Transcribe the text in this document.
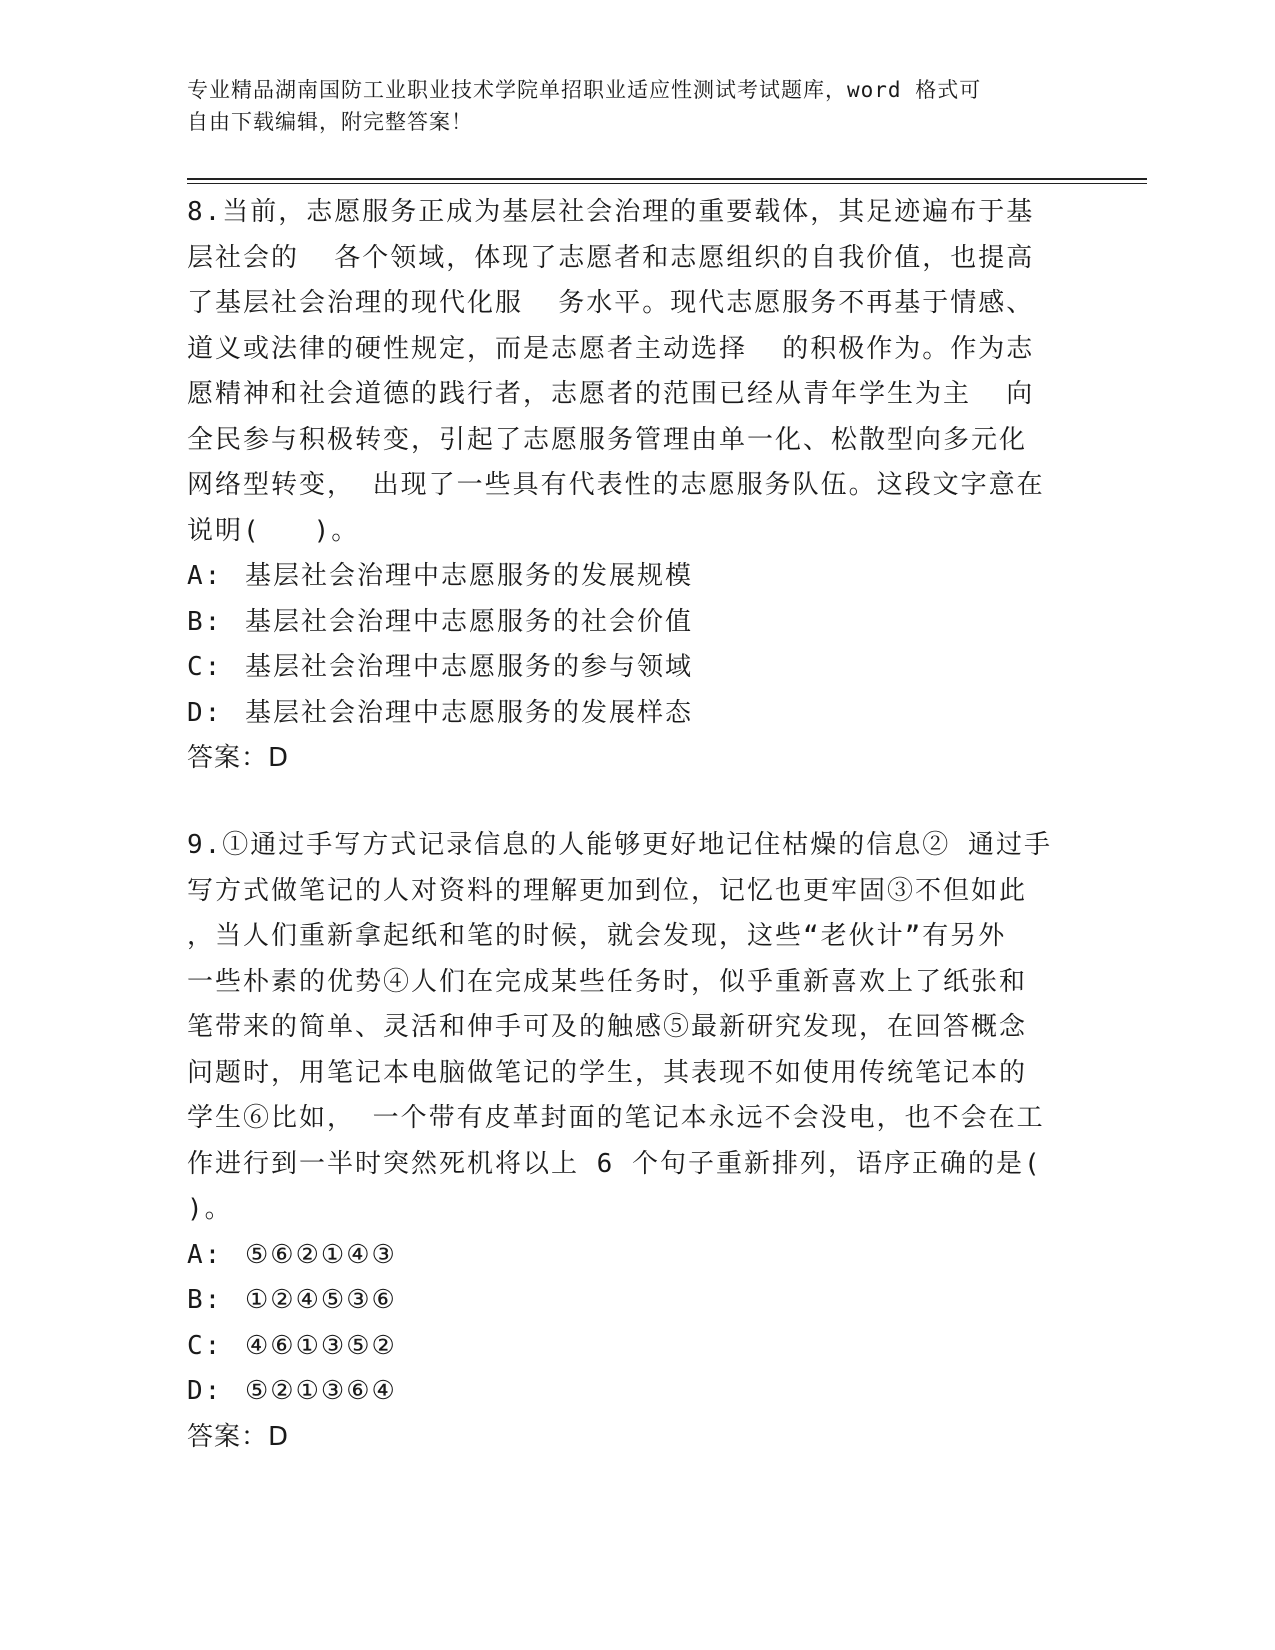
专业精品湖南国防工业职业技术学院单招职业适应性测试考试题库，word 格式可
自由下载编辑，附完整答案！
8.当前，志愿服务正成为基层社会治理的重要载体，其足迹遍布于基
层社会的  各个领域，体现了志愿者和志愿组织的自我价值，也提高
了基层社会治理的现代化服  务水平。现代志愿服务不再基于情感、
道义或法律的硬性规定，而是志愿者主动选择  的积极作为。作为志
愿精神和社会道德的践行者，志愿者的范围已经从青年学生为主  向
全民参与积极转变，引起了志愿服务管理由单一化、松散型向多元化
网络型转变， 出现了一些具有代表性的志愿服务队伍。这段文字意在
说明(   )。
A: 基层社会治理中志愿服务的发展规模
B: 基层社会治理中志愿服务的社会价值
C: 基层社会治理中志愿服务的参与领域
D: 基层社会治理中志愿服务的发展样态
答案：D
9.①通过手写方式记录信息的人能够更好地记住枯燥的信息② 通过手
写方式做笔记的人对资料的理解更加到位，记忆也更牢固③不但如此
，当人们重新拿起纸和笔的时候，就会发现，这些“老伙计”有另外
一些朴素的优势④人们在完成某些任务时，似乎重新喜欢上了纸张和
笔带来的简单、灵活和伸手可及的触感⑤最新研究发现，在回答概念
问题时，用笔记本电脑做笔记的学生，其表现不如使用传统笔记本的
学生⑥比如， 一个带有皮革封面的笔记本永远不会没电，也不会在工
作进行到一半时突然死机将以上 6 个句子重新排列，语序正确的是(
)。
A: ⑤⑥②①④③
B: ①②④⑤③⑥
C: ④⑥①③⑤②
D: ⑤②①③⑥④
答案：D
